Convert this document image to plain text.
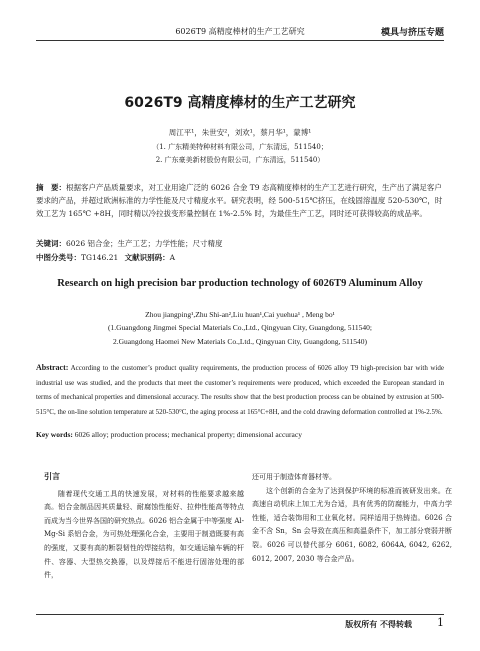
6026T9 高精度棒材的生产工艺研究	模具与挤压专题
6026T9 高精度棒材的生产工艺研究
周江平¹，朱世安²，刘欢¹，蔡月华¹，蒙博¹
（1. 广东精美特种材料有限公司，广东清远，511540；
2. 广东豪美新材股份有限公司，广东清远，511540）
摘　要：根据客户产品质量要求，对工业用途广泛的 6026 合金 T9 态高精度棒材的生产工艺进行研究，生产出了满足客户要求的产品，并超过欧洲标准的力学性能及尺寸精度水平。研究表明，经 500-515℃挤压，在线固溶温度 520-530℃，时效工艺为 165℃ +8H，同时精以冷拉拔变形量控制在 1%-2.5% 时，为最佳生产工艺，同时还可获得较高的成品率。
关键词：6026 铝合金；生产工艺；力学性能；尺寸精度
中图分类号：TG146.21 文献识别码：A
Research on high precision bar production technology of 6026T9 Aluminum Alloy
Zhou jiangping¹,Zhu Shi-an²,Liu huan¹,Cai yuehua¹ , Meng bo¹
(1.Guangdong Jingmei Special Materials Co.,Ltd., Qingyuan City, Guangdong, 511540;
2.Guangdong Haomei New Materials Co.,Ltd., Qingyuan City, Guangdong, 511540)
Abstract: According to the customer’s product quality requirements, the production process of 6026 alloy T9 high-precision bar with wide industrial use was studied, and the products that meet the customer’s requirements were produced, which exceeded the European standard in terms of mechanical properties and dimensional accuracy. The results show that the best production process can be obtained by extrusion at 500-515°C, the on-line solution temperature at 520-530°C, the aging process at 165°C+8H, and the cold drawing deformation controlled at 1%-2.5%.
Key words: 6026 alloy; production process; mechanical property; dimensional accuracy

引言

随着现代交通工具的快速发展，对材料的性能要求越来越高。铝合金制品因其质量轻、耐腐蚀性能好、拉伸性能高等特点而成为当今世界各国的研究热点。6026 铝合金属于中等强度 Al-Mg-Si 系铝合金，为可热处理强化合金，主要用于制造既要有高的强度，又要有高的断裂韧性的焊接结构，如交通运输车辆的杆件、容器、大型热交换器，以及焊接后不能进行固溶处理的部件，

还可用于制造体育器材等。

这个创新的合金为了达到保护环境的标准而被研发出来。在高速自动机床上加工尤为合适，具有优秀的防腐能力，中高力学性能，适合装饰用和工业氧化材。同样适用于热铸造。6026 合金不含 Sn，Sn 会导致在高压和高温条件下，加工部分衰弱并断裂。6026 可以替代部分 6061, 6082, 6064A, 6042, 6262, 6012, 2007, 2030 等合金产品。

版权所有 不得转载 1
